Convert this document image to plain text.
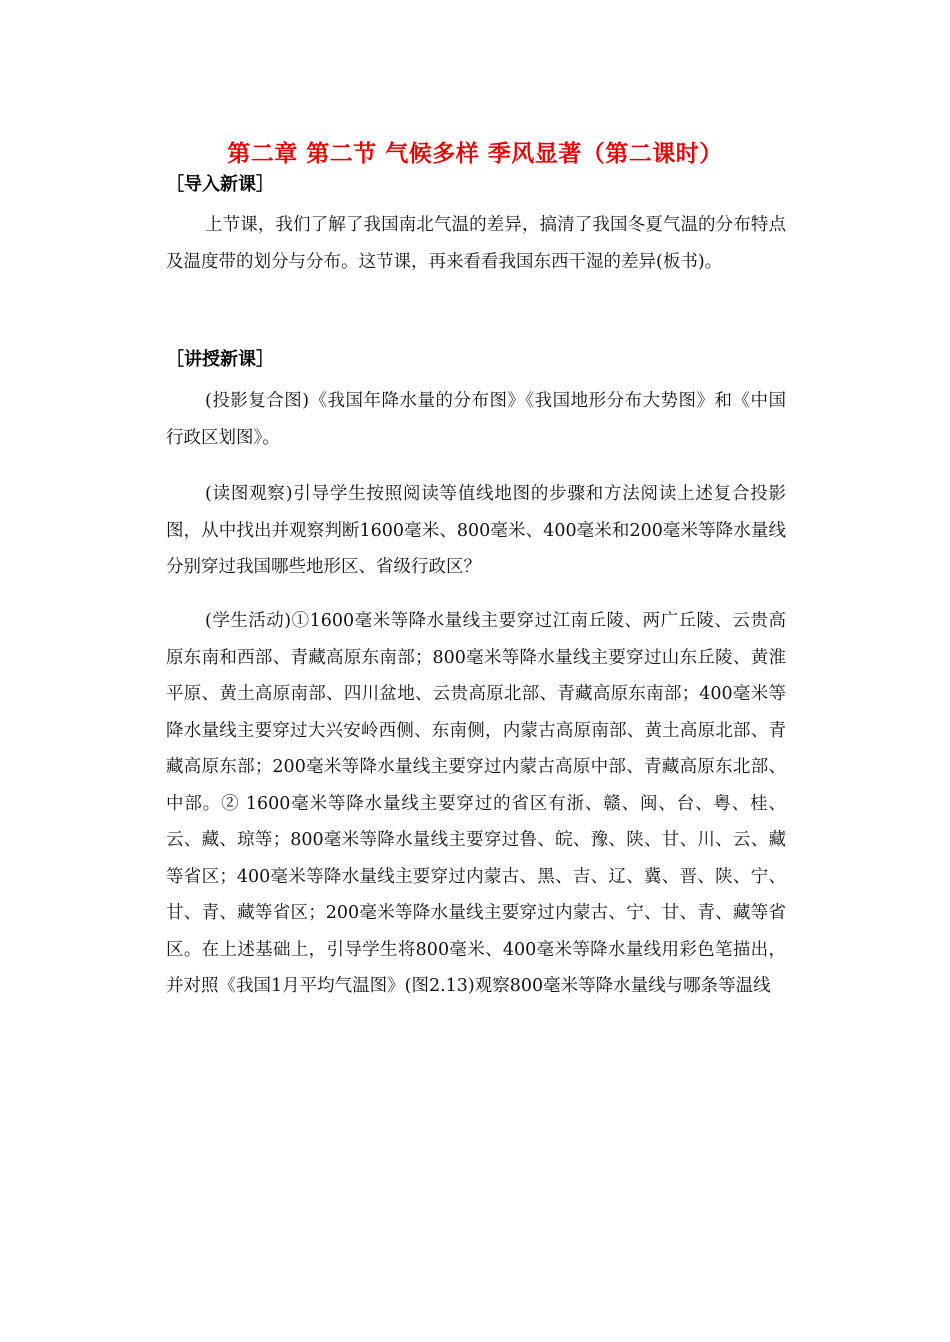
第二章 第二节 气候多样 季风显著（第二课时）
［导入新课］

上节课，我们了解了我国南北气温的差异，搞清了我国冬夏气温的分布特点及温度带的划分与分布。这节课，再来看看我国东西干湿的差异(板书)。

［讲授新课］

(投影复合图)《我国年降水量的分布图》《我国地形分布大势图》和《中国行政区划图》。

(读图观察)引导学生按照阅读等值线地图的步骤和方法阅读上述复合投影图，从中找出并观察判断1600毫米、800毫米、400毫米和200毫米等降水量线分别穿过我国哪些地形区、省级行政区？

(学生活动)①1600毫米等降水量线主要穿过江南丘陵、两广丘陵、云贵高原东南和西部、青藏高原东南部；800毫米等降水量线主要穿过山东丘陵、黄淮平原、黄土高原南部、四川盆地、云贵高原北部、青藏高原东南部；400毫米等降水量线主要穿过大兴安岭西侧、东南侧，内蒙古高原南部、黄土高原北部、青藏高原东部；200毫米等降水量线主要穿过内蒙古高原中部、青藏高原东北部、中部。② 1600毫米等降水量线主要穿过的省区有浙、赣、闽、台、粤、桂、云、藏、琼等；800毫米等降水量线主要穿过鲁、皖、豫、陕、甘、川、云、藏等省区；400毫米等降水量线主要穿过内蒙古、黑、吉、辽、冀、晋、陕、宁、甘、青、藏等省区；200毫米等降水量线主要穿过内蒙古、宁、甘、青、藏等省区。在上述基础上，引导学生将800毫米、400毫米等降水量线用彩色笔描出，并对照《我国1月平均气温图》(图2.13)观察800毫米等降水量线与哪条等温线
